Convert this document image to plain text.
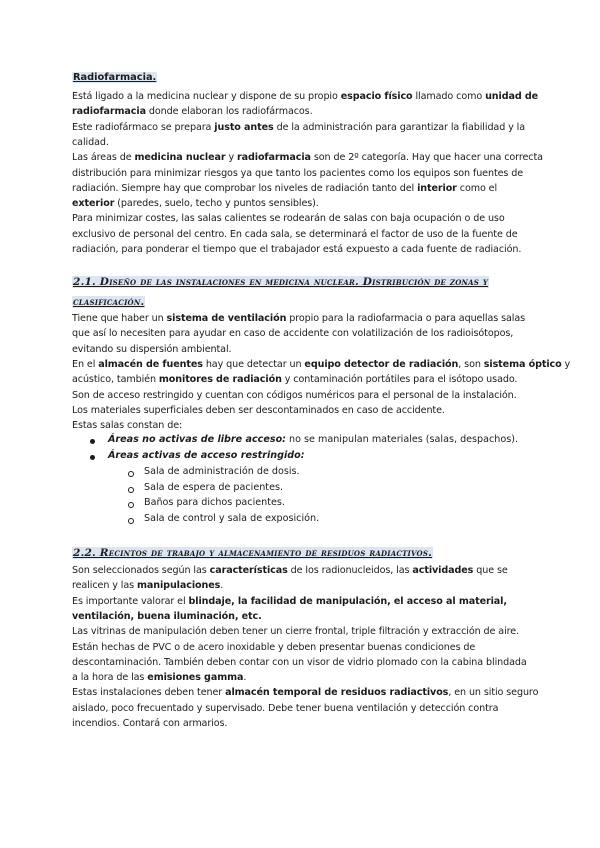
Radiofarmacia.
Está ligado a la medicina nuclear y dispone de su propio espacio físico llamado como unidad de
radiofarmacia donde elaboran los radiofármacos.
Este radiofármaco se prepara justo antes de la administración para garantizar la fiabilidad y la
calidad.
Las áreas de medicina nuclear y radiofarmacia son de 2º categoría. Hay que hacer una correcta
distribución para minimizar riesgos ya que tanto los pacientes como los equipos son fuentes de
radiación. Siempre hay que comprobar los niveles de radiación tanto del interior como el
exterior (paredes, suelo, techo y puntos sensibles).
Para minimizar costes, las salas calientes se rodearán de salas con baja ocupación o de uso
exclusivo de personal del centro. En cada sala, se determinará el factor de uso de la fuente de
radiación, para ponderar el tiempo que el trabajador está expuesto a cada fuente de radiación.
2.1. Diseño de las instalaciones en medicina nuclear. Distribución de zonas y
clasificación.
Tiene que haber un sistema de ventilación propio para la radiofarmacia o para aquellas salas
que así lo necesiten para ayudar en caso de accidente con volatilización de los radioisótopos,
evitando su dispersión ambiental.
En el almacén de fuentes hay que detectar un equipo detector de radiación, son sistema óptico y
acústico, también monitores de radiación y contaminación portátiles para el isótopo usado.
Son de acceso restringido y cuentan con códigos numéricos para el personal de la instalación.
Los materiales superficiales deben ser descontaminados en caso de accidente.
Estas salas constan de:
Áreas no activas de libre acceso: no se manipulan materiales (salas, despachos).
Áreas activas de acceso restringido:
Sala de administración de dosis.
Sala de espera de pacientes.
Baños para dichos pacientes.
Sala de control y sala de exposición.
2.2. Recintos de trabajo y almacenamiento de residuos radiactivos.
Son seleccionados según las características de los radionucleidos, las actividades que se
realicen y las manipulaciones.
Es importante valorar el blindaje, la facilidad de manipulación, el acceso al material,
ventilación, buena iluminación, etc.
Las vitrinas de manipulación deben tener un cierre frontal, triple filtración y extracción de aire.
Están hechas de PVC o de acero inoxidable y deben presentar buenas condiciones de
descontaminación. También deben contar con un visor de vidrio plomado con la cabina blindada
a la hora de las emisiones gamma.
Estas instalaciones deben tener almacén temporal de residuos radiactivos, en un sitio seguro
aislado, poco frecuentado y supervisado. Debe tener buena ventilación y detección contra
incendios. Contará con armarios.
